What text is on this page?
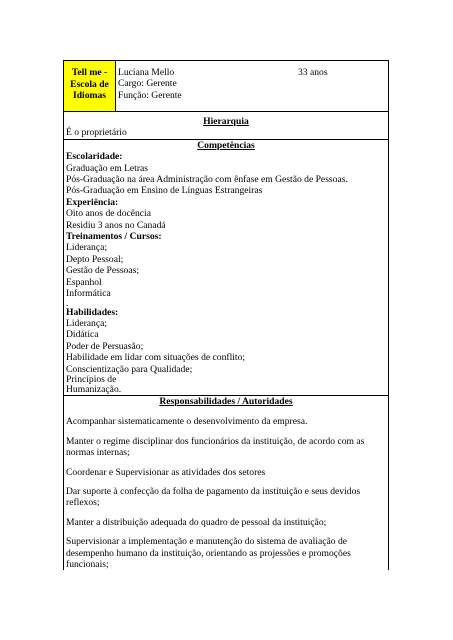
Tell me - Escola de Idiomas	
Luciana Mello	33 anos
Cargo: Gerente
Função: Gerente

Hierarquia
É o proprietário

Competências
Escolaridade:
Graduação em Letras
Pós-Graduação na área Administração com ênfase em Gestão de Pessoas.
Pós-Graduação em Ensino de Línguas Estrangeiras
Experiência:
Oito anos de docência
Residiu 3 anos no Canadá
Treinamentos / Cursos:
Liderança;
Depto Pessoal;
Gestão de Pessoas;
Espanhol
Informática
.
Habilidades:
Liderança;
Didática
Poder de Persuasão;
Habilidade em lidar com situações de conflito;
Conscientização para Qualidade;
Princípios de
Humanização.

Responsabilidades / Autoridades

Acompanhar sistematicamente o desenvolvimento da empresa.

Manter o regime disciplinar dos funcionários da instituição, de acordo com as normas internas;

Coordenar e Supervisionar as atividades dos setores

Dar suporte à confecção da folha de pagamento da instituição e seus devidos reflexos;

Manter a distribuição adequada do quadro de pessoal da instituição;

Supervisionar a implementação e manutenção do sistema de avaliação de desempenho humano da instituição, orientando as projessões e promoções funcionais;
